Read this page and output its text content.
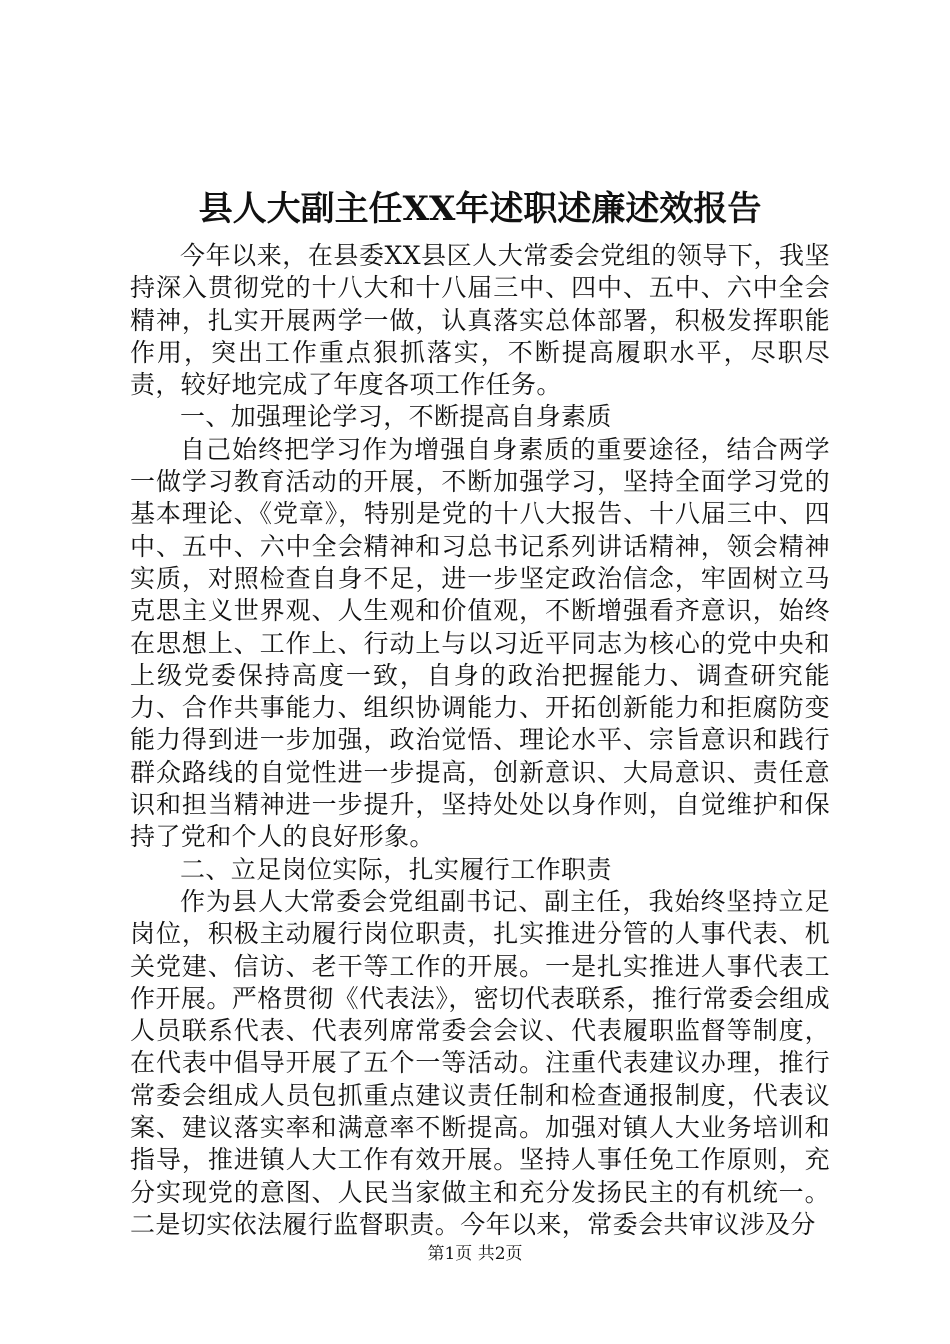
县人大副主任XX年述职述廉述效报告

今年以来，在县委XX县区人大常委会党组的领导下，我坚持深入贯彻党的十八大和十八届三中、四中、五中、六中全会精神，扎实开展两学一做，认真落实总体部署，积极发挥职能作用，突出工作重点狠抓落实，不断提高履职水平，尽职尽责，较好地完成了年度各项工作任务。

一、加强理论学习，不断提高自身素质

自己始终把学习作为增强自身素质的重要途径，结合两学一做学习教育活动的开展，不断加强学习，坚持全面学习党的基本理论、《党章》，特别是党的十八大报告、十八届三中、四中、五中、六中全会精神和习总书记系列讲话精神，领会精神实质，对照检查自身不足，进一步坚定政治信念，牢固树立马克思主义世界观、人生观和价值观，不断增强看齐意识，始终在思想上、工作上、行动上与以习近平同志为核心的党中央和上级党委保持高度一致，自身的政治把握能力、调查研究能力、合作共事能力、组织协调能力、开拓创新能力和拒腐防变能力得到进一步加强，政治觉悟、理论水平、宗旨意识和践行群众路线的自觉性进一步提高，创新意识、大局意识、责任意识和担当精神进一步提升，坚持处处以身作则，自觉维护和保持了党和个人的良好形象。

二、立足岗位实际，扎实履行工作职责

作为县人大常委会党组副书记、副主任，我始终坚持立足岗位，积极主动履行岗位职责，扎实推进分管的人事代表、机关党建、信访、老干等工作的开展。一是扎实推进人事代表工作开展。严格贯彻《代表法》，密切代表联系，推行常委会组成人员联系代表、代表列席常委会会议、代表履职监督等制度，在代表中倡导开展了五个一等活动。注重代表建议办理，推行常委会组成人员包抓重点建议责任制和检查通报制度，代表议案、建议落实率和满意率不断提高。加强对镇人大业务培训和指导，推进镇人大工作有效开展。坚持人事任免工作原则，充分实现党的意图、人民当家做主和充分发扬民主的有机统一。二是切实依法履行监督职责。今年以来，常委会共审议涉及分

第1页 共2页
